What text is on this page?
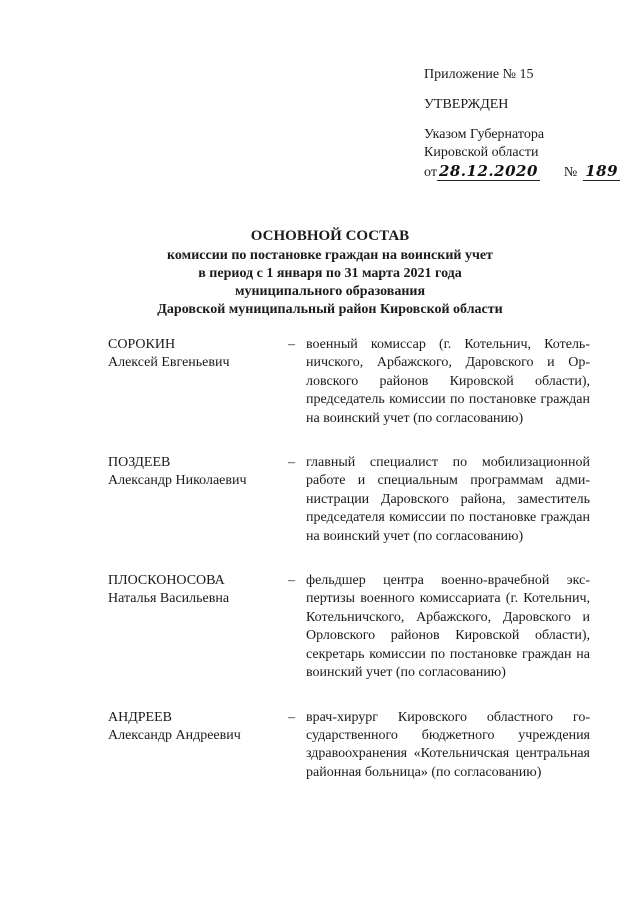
Приложение № 15
УТВЕРЖДЕН
Указом Губернатора
Кировской области
от 28.12.2020 № 189
ОСНОВНОЙ СОСТАВ
комиссии по постановке граждан на воинский учет
в период с 1 января по 31 марта 2021 года
муниципального образования
Даровской муниципальный район Кировской области
СОРОКИН
Алексей Евгеньевич
– военный комиссар (г. Котельнич, Котельничского, Арбажского, Даровского и Орловского районов Кировской области), председатель комиссии по постановке граждан на воинский учет (по согласованию)
ПОЗДЕЕВ
Александр Николаевич
– главный специалист по мобилизационной работе и специальным программам администрации Даровского района, заместитель председателя комиссии по постановке граждан на воинский учет (по согласованию)
ПЛОСКОНОСОВА
Наталья Васильевна
– фельдшер центра военно-врачебной экспертизы военного комиссариата (г. Котельнич, Котельничского, Арбажского, Даровского и Орловского районов Кировской области), секретарь комиссии по постановке граждан на воинский учет (по согласованию)
АНДРЕЕВ
Александр Андреевич
– врач-хирург Кировского областного государственного бюджетного учреждения здравоохранения «Котельничская центральная районная больница» (по согласованию)
